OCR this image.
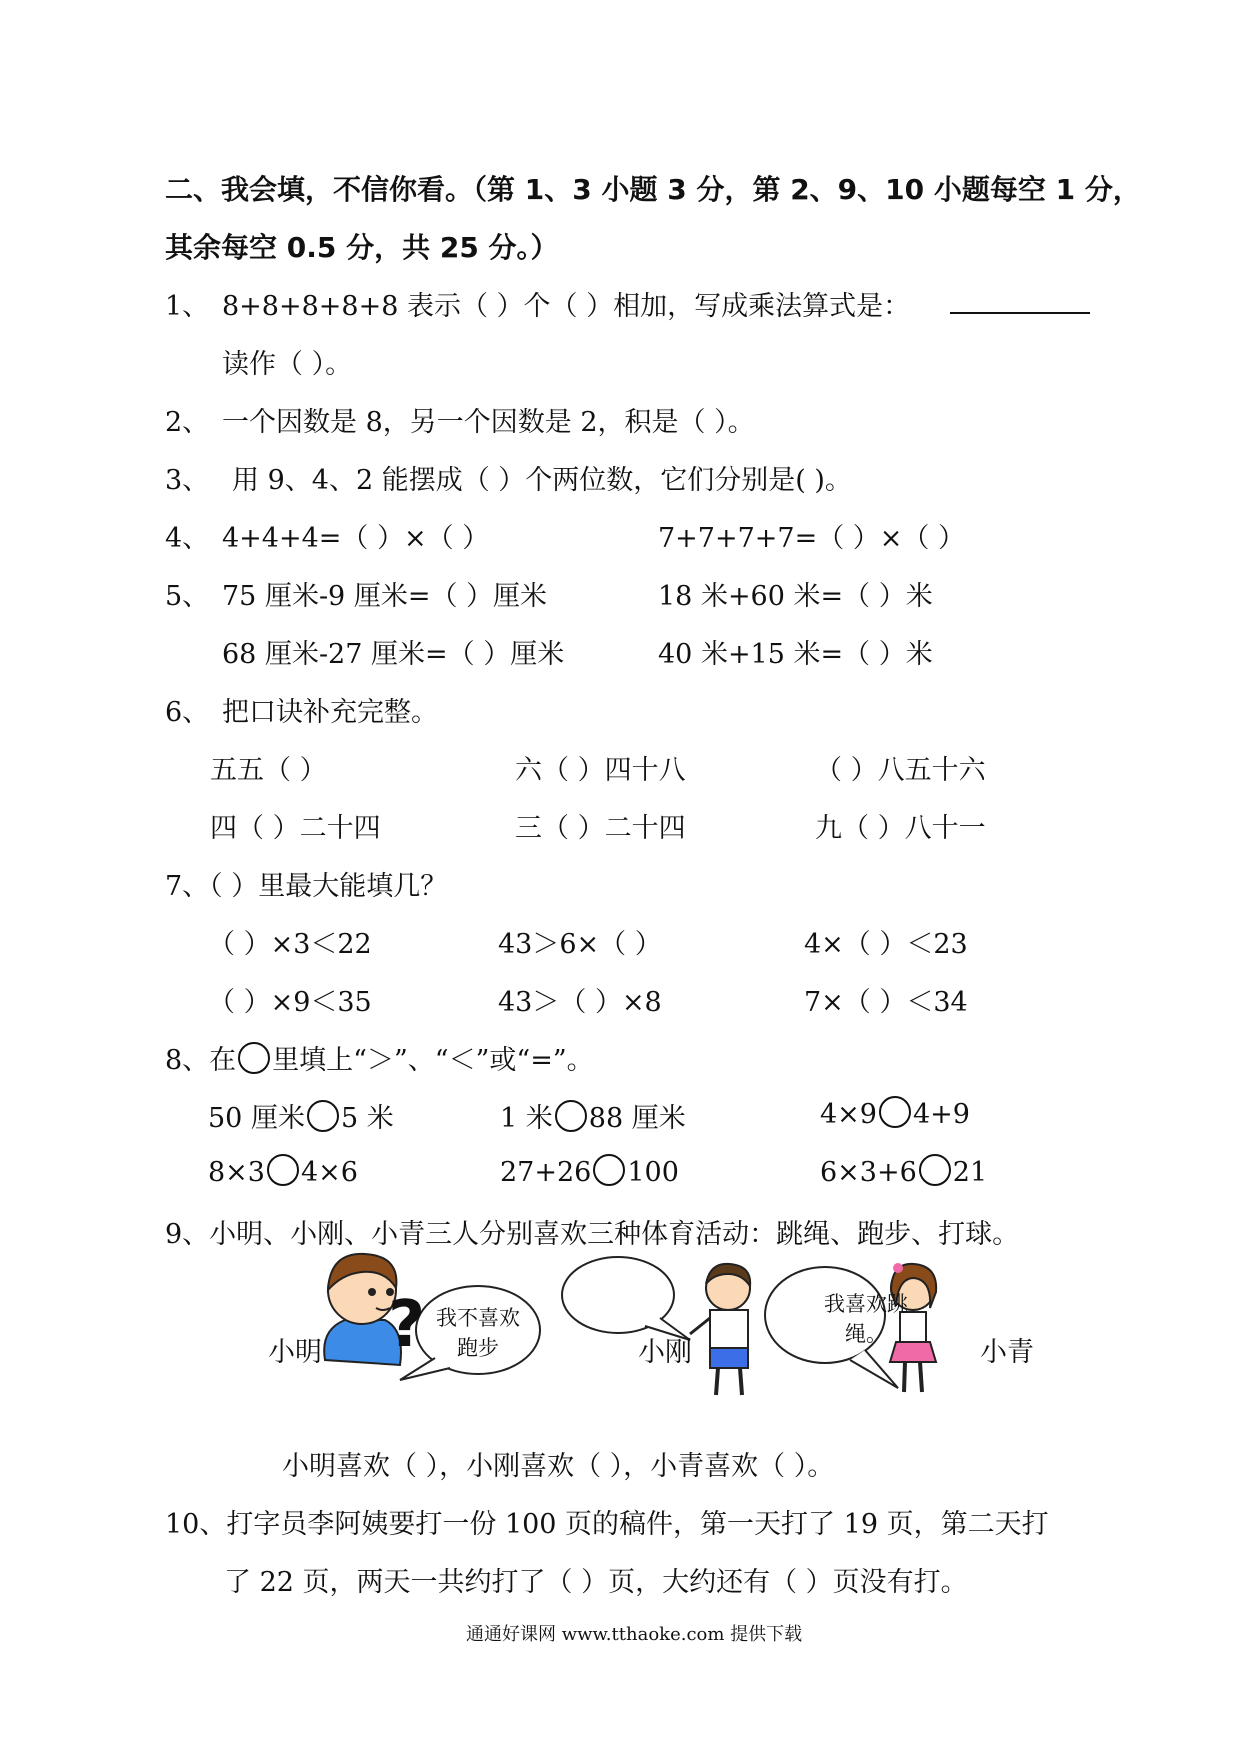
二、我会填，不信你看。（第 1、3 小题 3 分，第 2、9、10 小题每空 1 分，
其余每空 0.5 分，共 25 分。）
1、 8+8+8+8+8 表示（ ）个（ ）相加，写成乘法算式是：
读作（ ）。
2、 一个因数是 8，另一个因数是 2，积是（ ）。
3、 用 9、4、2 能摆成（ ）个两位数，它们分别是( )。
4、 4+4+4=（ ）×（ ）	7+7+7+7=（ ）×（ ）
5、 75 厘米-9 厘米=（ ）厘米	18 米+60 米=（ ）米
68 厘米-27 厘米=（ ）厘米	40 米+15 米=（ ）米
6、 把口诀补充完整。
五五（ ）	六（ ）四十八	（ ）八五十六
四（ ）二十四	三（ ）二十四	九（ ）八十一
7、（ ）里最大能填几？
（ ）×3＜22	43＞6×（ ）	4×（ ）＜23
（ ）×9＜35	43＞（ ）×8	7×（ ）＜34
8、在 里填上“＞”、“＜”或“=”。
50 厘米 5 米	1 米 88 厘米	4×9 4+9
8×3 4×6	27+26 100	6×3+6 21
9、小明、小刚、小青三人分别喜欢三种体育活动：跳绳、跑步、打球。
?
小明	小刚	小青
我不喜欢跑步
我喜欢跳绳。
小明喜欢（ ），小刚喜欢（ ），小青喜欢（ ）。
10、打字员李阿姨要打一份 100 页的稿件，第一天打了 19 页，第二天打
了 22 页，两天一共约打了（ ）页，大约还有（ ）页没有打。
通通好课网 www.tthaoke.com 提供下载
